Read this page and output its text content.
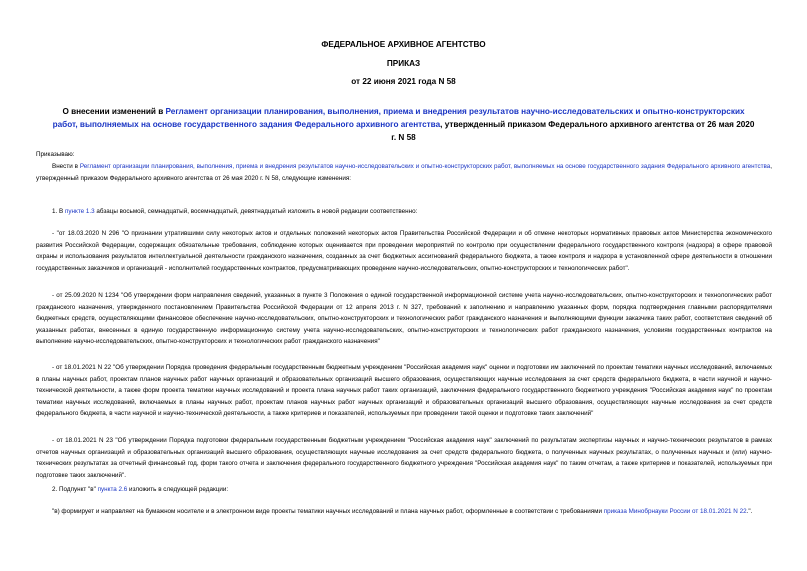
ФЕДЕРАЛЬНОЕ АРХИВНОЕ АГЕНТСТВО
ПРИКАЗ
от 22 июня 2021 года N 58
О внесении изменений в Регламент организации планирования, выполнения, приема и внедрения результатов научно-исследовательских и опытно-конструкторских работ, выполняемых на основе государственного задания Федерального архивного агентства, утвержденный приказом Федерального архивного агентства от 26 мая 2020 г. N 58
Приказываю:
Внести в Регламент организации планирования, выполнения, приема и внедрения результатов научно-исследовательских и опытно-конструкторских работ, выполняемых на основе государственного задания Федерального архивного агентства, утвержденный приказом Федерального архивного агентства от 26 мая 2020 г. N 58, следующие изменения:
1. В пункте 1.3 абзацы восьмой, семнадцатый, восемнадцатый, девятнадцатый изложить в новой редакции соответственно:
- "от 18.03.2020 N 296 "О признании утратившими силу некоторых актов и отдельных положений некоторых актов Правительства Российской Федерации и об отмене некоторых нормативных правовых актов Министерства экономического развития Российской Федерации, содержащих обязательные требования, соблюдение которых оценивается при проведении мероприятий по контролю при осуществлении федерального государственного контроля (надзора) в сфере правовой охраны и использования результатов интеллектуальной деятельности гражданского назначения, созданных за счет бюджетных ассигнований федерального бюджета, а также контроля и надзора в установленной сфере деятельности в отношении государственных заказчиков и организаций - исполнителей государственных контрактов, предусматривающих проведение научно-исследовательских, опытно-конструкторских и технологических работ".
- от 25.09.2020 N 1234 "Об утверждении форм направления сведений, указанных в пункте 3 Положения о единой государственной информационной системе учета научно-исследовательских, опытно-конструкторских и технологических работ гражданского назначения, утвержденного постановлением Правительства Российской Федерации от 12 апреля 2013 г. N 327, требований к заполнению и направлению указанных форм, порядка подтверждения главными распорядителями бюджетных средств, осуществляющими финансовое обеспечение научно-исследовательских, опытно-конструкторских и технологических работ гражданского назначения и выполняющими функции заказчика таких работ, соответствия сведений об указанных работах, внесенных в единую государственную информационную систему учета научно-исследовательских, опытно-конструкторских и технологических работ гражданского назначения, условиям государственных контрактов на выполнение научно-исследовательских, опытно-конструкторских и технологических работ гражданского назначения"
- от 18.01.2021 N 22 "Об утверждении Порядка проведения федеральным государственным бюджетным учреждением "Российская академия наук" оценки и подготовки им заключений по проектам тематики научных исследований, включаемых в планы научных работ, проектам планов научных работ научных организаций и образовательных организаций высшего образования, осуществляющих научные исследования за счет средств федерального бюджета, в части научной и научно-технической деятельности, а также форм проекта тематики научных исследований и проекта плана научных работ таких организаций, заключения федерального государственного бюджетного учреждения "Российская академия наук" по проектам тематики научных исследований, включаемых в планы научных работ, проектам планов научных работ научных организаций и образовательных организаций высшего образования, осуществляющих научные исследования за счет средств федерального бюджета, в части научной и научно-технической деятельности, а также критериев и показателей, используемых при проведении такой оценки и подготовке таких заключений"
- от 18.01.2021 N 23 "Об утверждении Порядка подготовки федеральным государственным бюджетным учреждением "Российская академия наук" заключений по результатам экспертизы научных и научно-технических результатов в рамках отчетов научных организаций и образовательных организаций высшего образования, осуществляющих научные исследования за счет средств федерального бюджета, о полученных научных результатах, о полученных научных и (или) научно-технических результатах за отчетный финансовый год, форм такого отчета и заключения федерального государственного бюджетного учреждения "Российская академия наук" по таким отчетам, а также критериев и показателей, используемых при подготовке таких заключений".
2. Подпункт "в" пункта 2.6 изложить в следующей редакции:
"в) формирует и направляет на бумажном носителе и в электронном виде проекты тематики научных исследований и плана научных работ, оформленные в соответствии с требованиями приказа Минобрнауки России от 18.01.2021 N 22.".
